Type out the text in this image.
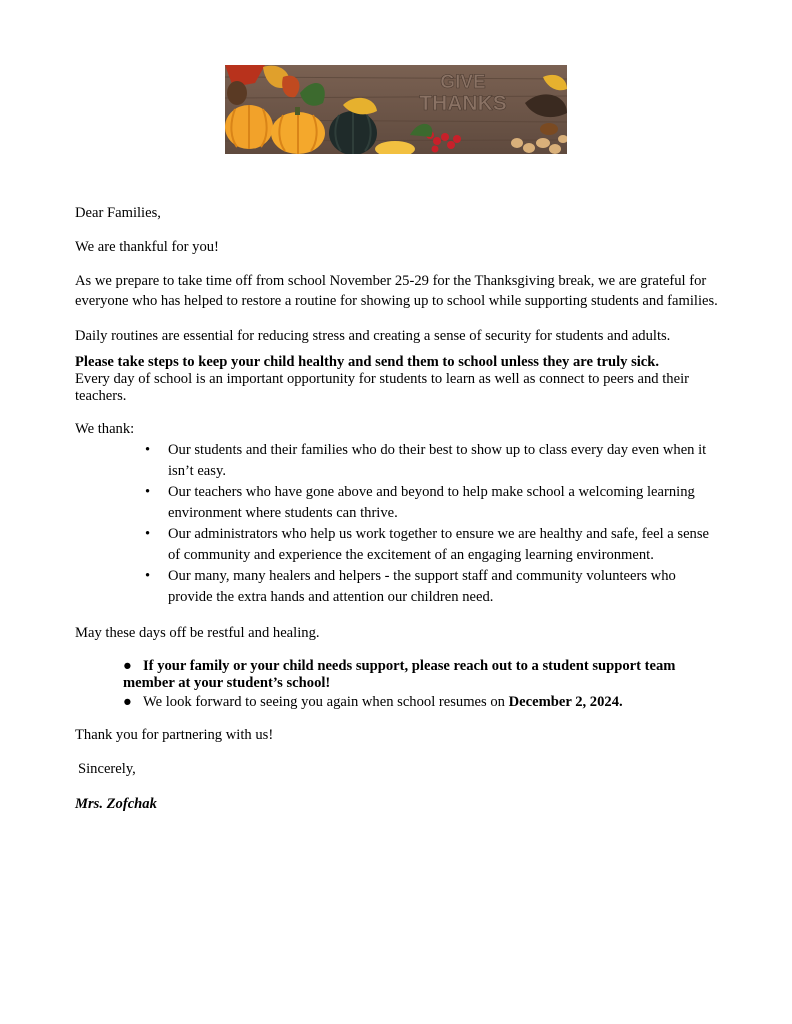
GIVE
THANKS

Dear Families,

We are thankful for you!

As we prepare to take time off from school November 25-29 for the Thanksgiving break, we are grateful for everyone who has helped to restore a routine for showing up to school while supporting students and families.

Daily routines are essential for reducing stress and creating a sense of security for students and adults.

Please take steps to keep your child healthy and send them to school unless they are truly sick.
Every day of school is an important opportunity for students to learn as well as connect to peers and their teachers.

We thank:

• Our students and their families who do their best to show up to class every day even when it isn’t easy.
• Our teachers who have gone above and beyond to help make school a welcoming learning environment where students can thrive.
• Our administrators who help us work together to ensure we are healthy and safe, feel a sense of community and experience the excitement of an engaging learning environment.
• Our many, many healers and helpers - the support staff and community volunteers who provide the extra hands and attention our children need.

May these days off be restful and healing.

● If your family or your child needs support, please reach out to a student support team member at your student’s school!
● We look forward to seeing you again when school resumes on December 2, 2024.

Thank you for partnering with us!

Sincerely,

Mrs. Zofchak
